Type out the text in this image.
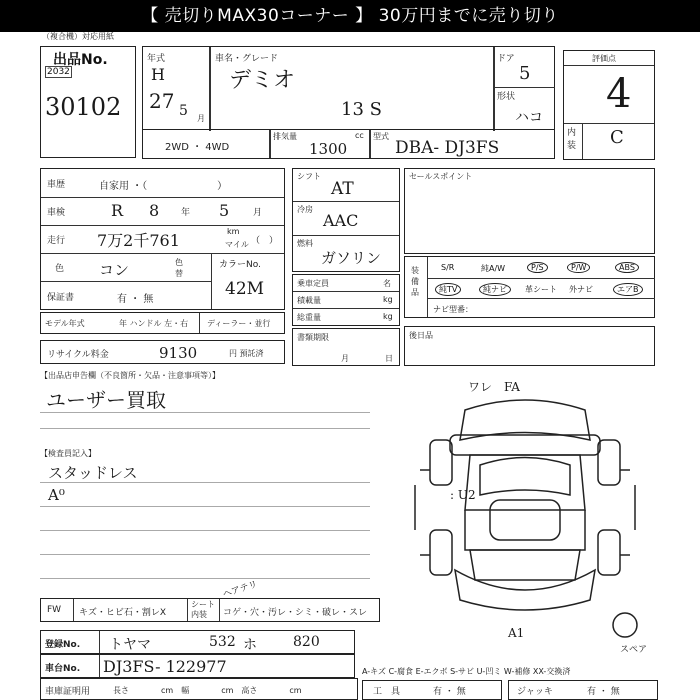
【 売切りMAX30コーナー 】 30万円までに売り切り
（複合機）対応用紙
出品No.
2032
30102
年式
H
27 5 月
車名・グレード
デミオ
13 S
ドア
5
形状
ハコ
2WD ・ 4WD
排気量	cc
1300
型式
DBA- DJ3FS
評価点
4
内装 C
車歴	自家用 ・（　　　　　　　）
車検	R 8 年 5	月
走行 7万2千761	km
マイル （　）
色 コン	色替
カラーNo.
42M
保証書	有 ・ 無
モデル年式	年 ハンドル 左・右 ディーラー・並行
リサイクル料金	9130	円 預託済
シフト
AT
冷房
AAC
燃料
ガソリン
乗車定員	名
積載量	kg
総重量	kg
書類期限
月	日
セールスポイント
装備品
S/R	純A/W	P/S	P/W	ABS
純TV	純ナビ	革シート 外ナビ	エアB
ナビ型番：
後日品
【出品店申告欄（不良箇所・欠品・注意事項等）】
ユーザー買取
【検査員記入】
スタッドレス
A⁰
ワレ　FA
: U2
A1
スペア
ヘアテリ
FW キズ・ヒビ石・割レX
シート内装	コゲ・穴・汚レ・シミ・破レ・スレ
登録No. トヤマ	532 ホ	820
車台No. DJ3FS- 122977	A-キズ C-腐食 E-エクボ S-サビ U-凹ミ W-補修 XX-交換済
車庫証明用	長さ　　　　cm　幅　　　　cm　高さ　　　　cm	工　具	有 ・ 無	ジャッキ	有 ・ 無
